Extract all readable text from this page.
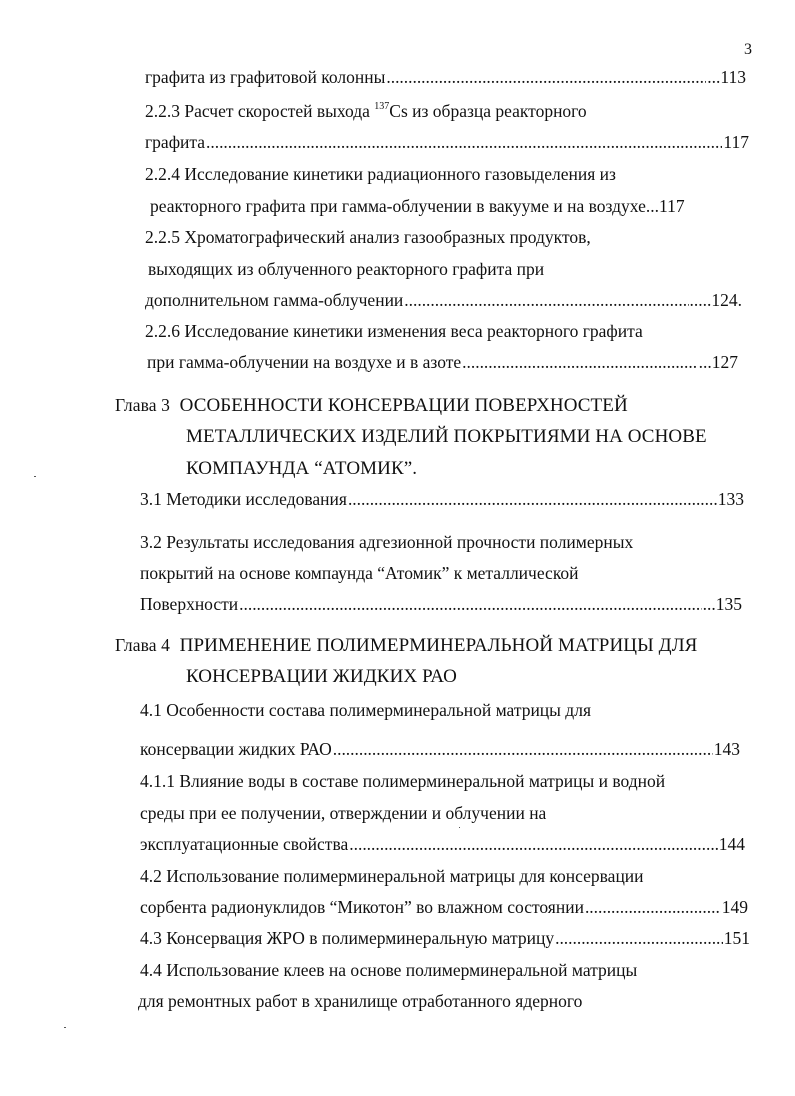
3
графита из графитовой колонны . . .	...113
2.2.3 Расчет скоростей выхода $^{137}$Cs из образца реакторного
графита . . .	117
2.2.4 Исследование кинетики радиационного газовыделения из
реакторного графита при гамма-облучении в вакууме и на воздухе ...117
2.2.5 Хроматографический анализ газообразных продуктов,
выходящих из облученного реакторного графита при
дополнительном гамма-облучении . . .	.....124.
2.2.6 Исследование кинетики изменения веса реакторного графита
при гамма-облучении на воздухе и в азоте . . .	...127
Глава 3 ОСОБЕННОСТИ КОНСЕРВАЦИИ ПОВЕРХНОСТЕЙ
МЕТАЛЛИЧЕСКИХ ИЗДЕЛИЙ ПОКРЫТИЯМИ НА ОСНОВЕ
КОМПАУНДА “АТОМИК”.
3.1 Методики исследования . . .	133
3.2 Результаты исследования адгезионной прочности полимерных
покрытий на основе компаунда “Атомик” к металлической
Поверхности . . .	...135
Глава 4 ПРИМЕНЕНИЕ ПОЛИМЕРМИНЕРАЛЬНОЙ МАТРИЦЫ ДЛЯ
КОНСЕРВАЦИИ ЖИДКИХ РАО
4.1 Особенности состава полимерминеральной матрицы для
консервации жидких РАО . . .	143
4.1.1 Влияние воды в составе полимерминеральной матрицы и водной
среды при ее получении, отверждении и облучении на
эксплуатационные свойства . . .	144
4.2 Использование полимерминеральной матрицы для консервации
сорбента радионуклидов “Микотон” во влажном состоянии . . .	149
4.3 Консервация ЖРО в полимерминеральную матрицу . . .	151
4.4 Использование клеев на основе полимерминеральной матрицы
для ремонтных работ в хранилище отработанного ядерного
